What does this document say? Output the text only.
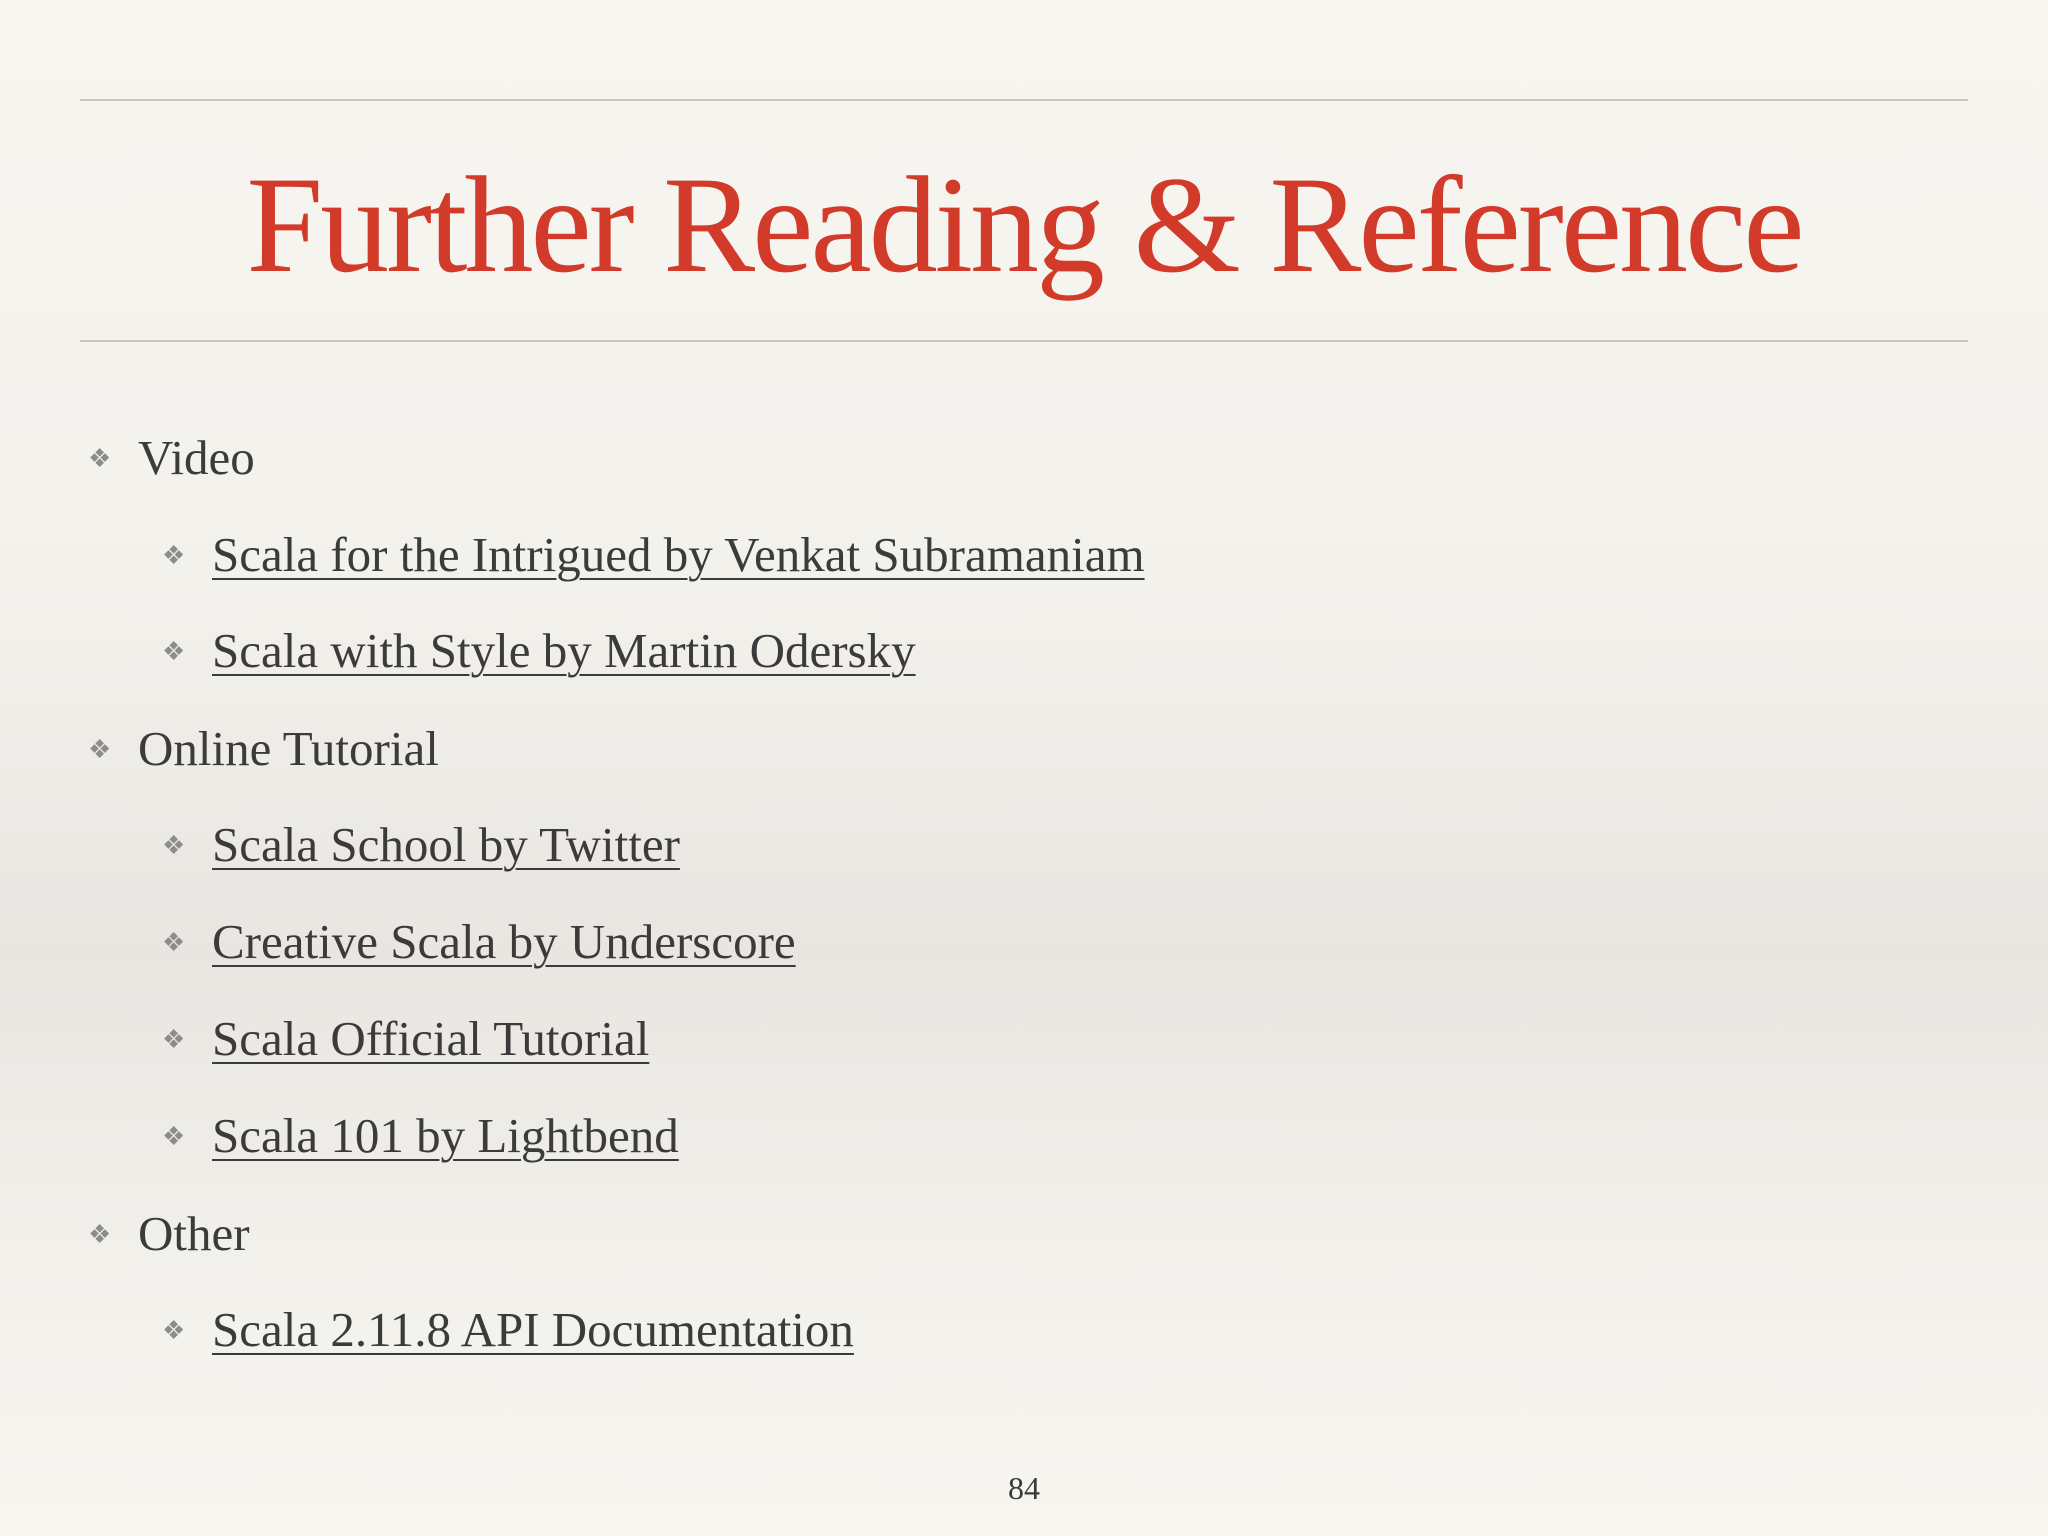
Further Reading & Reference
❖ Video
❖ Scala for the Intrigued by Venkat Subramaniam
❖ Scala with Style by Martin Odersky
❖ Online Tutorial
❖ Scala School by Twitter
❖ Creative Scala by Underscore
❖ Scala Official Tutorial
❖ Scala 101 by Lightbend
❖ Other
❖ Scala 2.11.8 API Documentation
84
